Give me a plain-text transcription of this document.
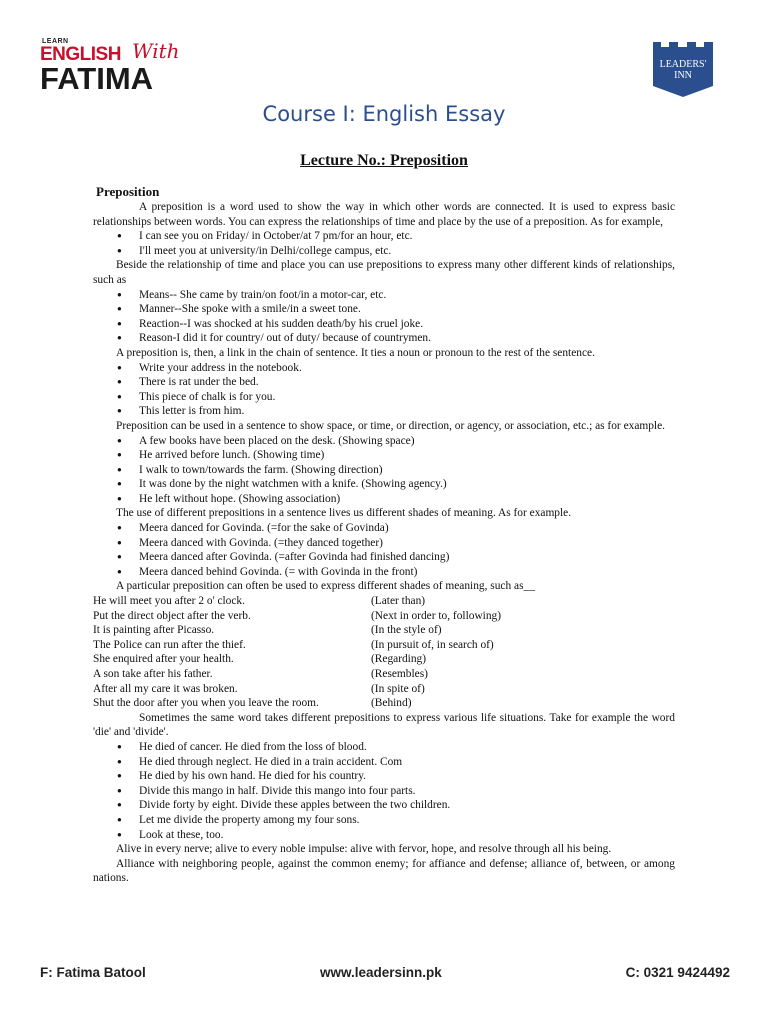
LEARN
ENGLISH With
FATIMA	LEADERS'
INN
Course I: English Essay
Lecture No.: Preposition
Preposition

A preposition is a word used to show the way in which other words are connected. It is used to express basic relationships between words. You can express the relationships of time and place by the use of a preposition. As for example,

● I can see you on Friday/ in October/at 7 pm/for an hour, etc.
● I'll meet you at university/in Delhi/college campus, etc.

Beside the relationship of time and place you can use prepositions to express many other different kinds of relationships, such as

● Means-- She came by train/on foot/in a motor-car, etc.
● Manner--She spoke with a smile/in a sweet tone.
● Reaction--I was shocked at his sudden death/by his cruel joke.
● Reason-I did it for country/ out of duty/ because of countrymen.

A preposition is, then, a link in the chain of sentence. It ties a noun or pronoun to the rest of the sentence.

● Write your address in the notebook.
● There is rat under the bed.
● This piece of chalk is for you.
● This letter is from him.

Preposition can be used in a sentence to show space, or time, or direction, or agency, or association, etc.; as for example.

● A few books have been placed on the desk. (Showing space)
● He arrived before lunch. (Showing time)
● I walk to town/towards the farm. (Showing direction)
● It was done by the night watchmen with a knife. (Showing agency.)
● He left without hope. (Showing association)

The use of different prepositions in a sentence lives us different shades of meaning. As for example.

● Meera danced for Govinda. (=for the sake of Govinda)
● Meera danced with Govinda. (=they danced together)
● Meera danced after Govinda. (=after Govinda had finished dancing)
● Meera danced behind Govinda. (= with Govinda in the front)

A particular preposition can often be used to express different shades of meaning, such as__

He will meet you after 2 o' clock.	(Later than)
Put the direct object after the verb.	(Next in order to, following)
It is painting after Picasso.	(In the style of)
The Police can run after the thief.	(In pursuit of, in search of)
She enquired after your health.	(Regarding)
A son take after his father.	(Resembles)
After all my care it was broken.	(In spite of)
Shut the door after you when you leave the room.	(Behind)

Sometimes the same word takes different prepositions to express various life situations. Take for example the word 'die' and 'divide'.

● He died of cancer. He died from the loss of blood.
● He died through neglect. He died in a train accident. Com
● He died by his own hand. He died for his country.
● Divide this mango in half. Divide this mango into four parts.
● Divide forty by eight. Divide these apples between the two children.
● Let me divide the property among my four sons.
● Look at these, too.

Alive in every nerve; alive to every noble impulse: alive with fervor, hope, and resolve through all his being.

Alliance with neighboring people, against the common enemy; for affiance and defense; alliance of, between, or among nations.

F: Fatima Batool	www.leadersinn.pk	C: 0321 9424492
